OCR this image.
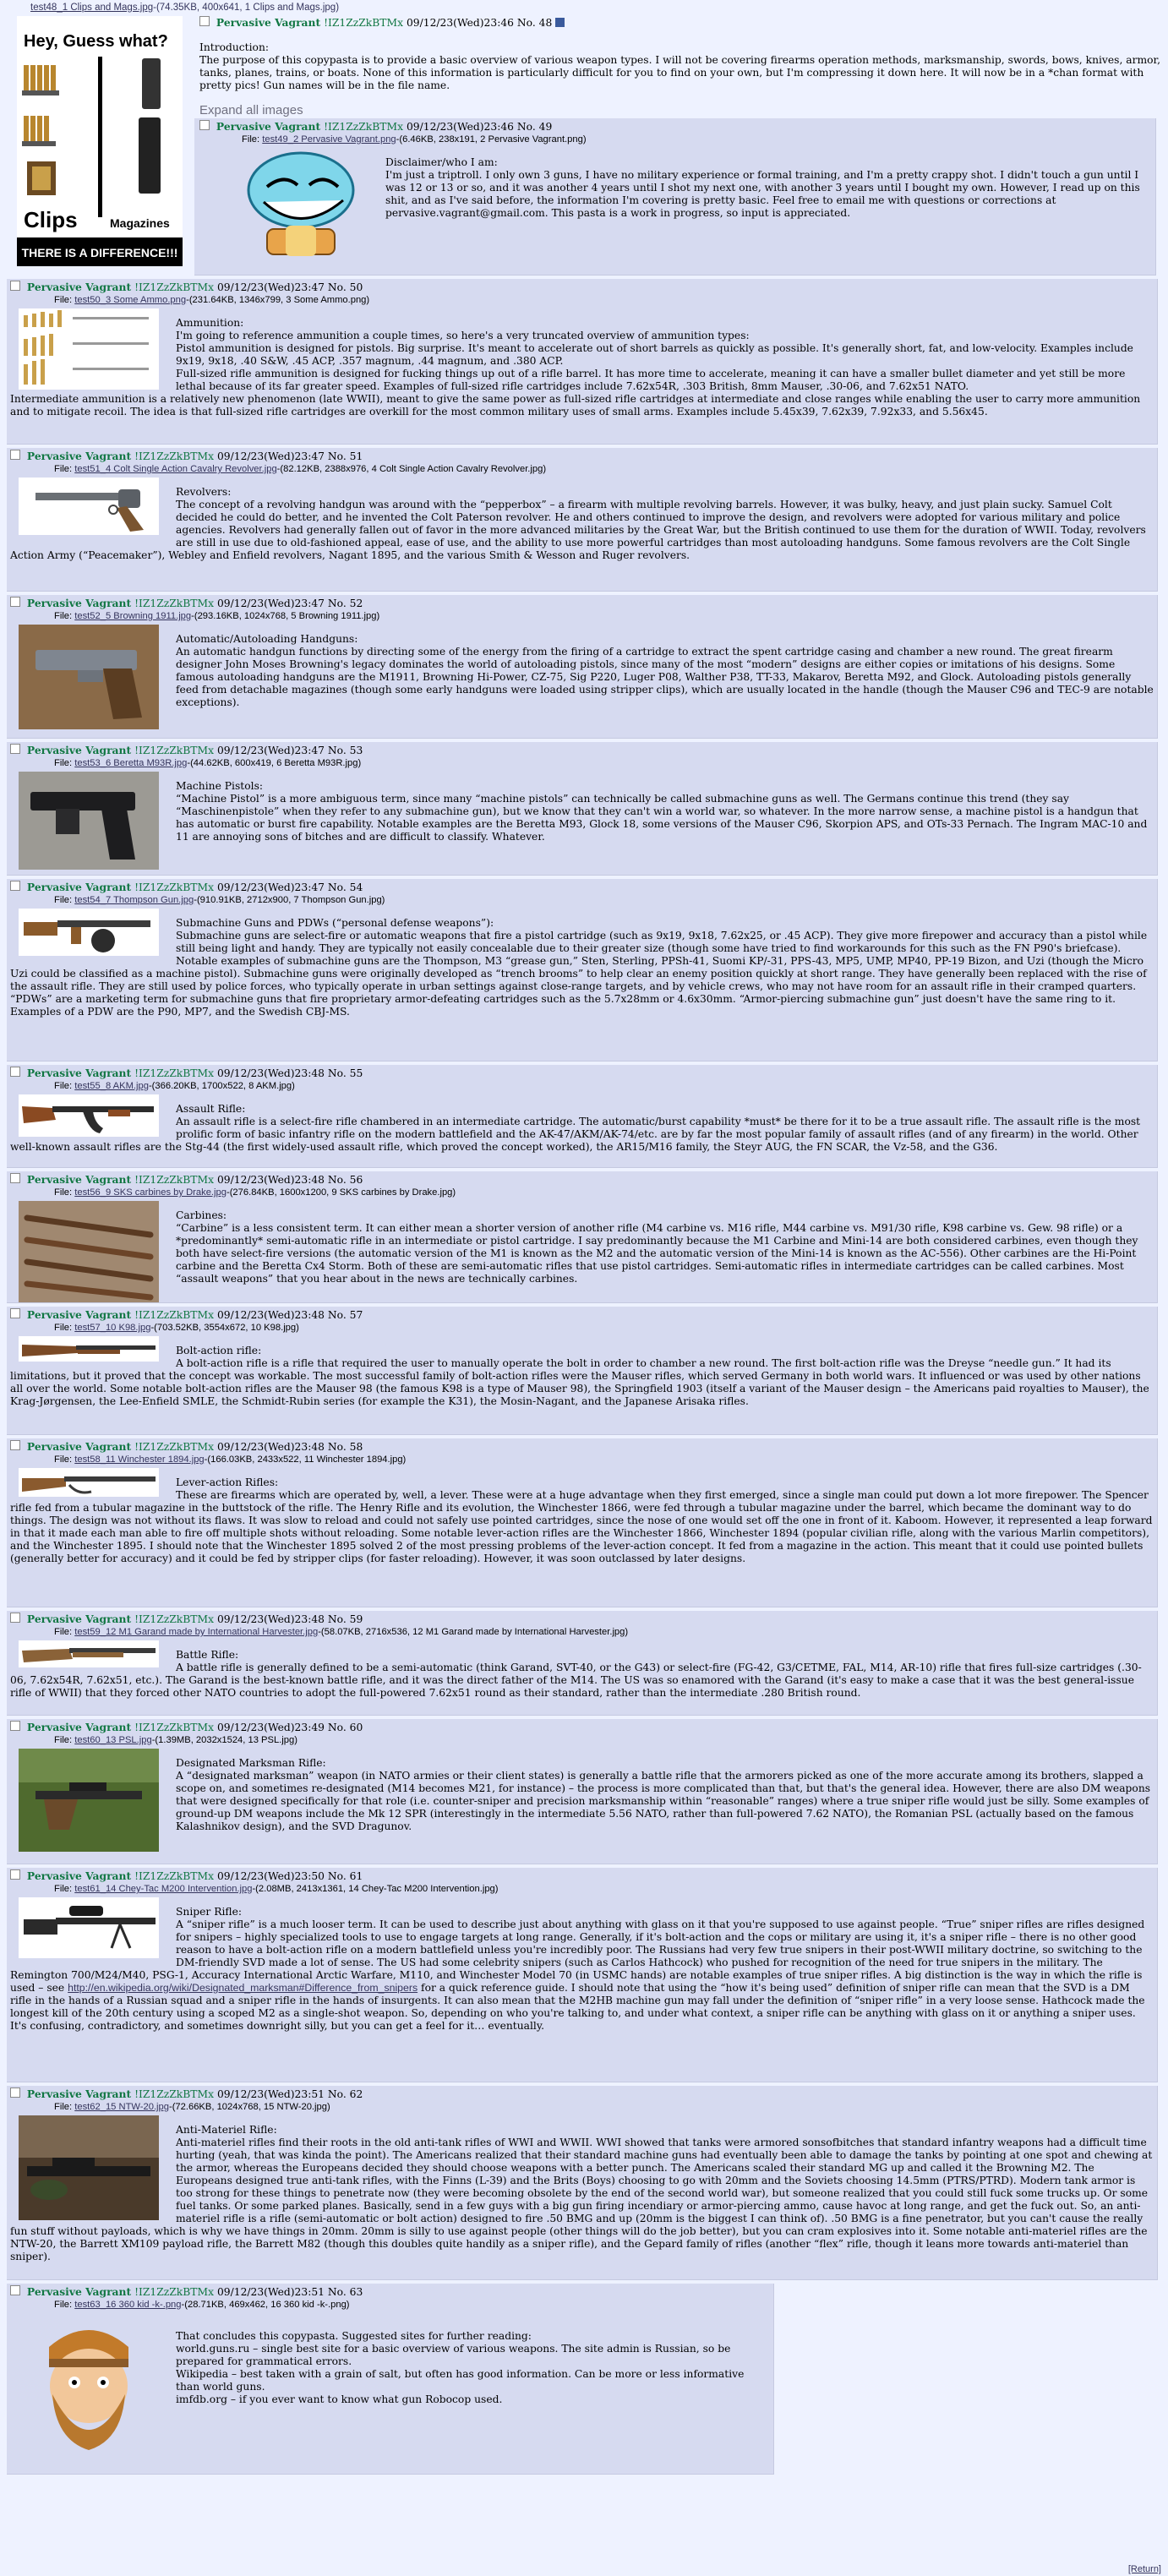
test48_1 Clips and Mags.jpg-(74.35KB, 400x641, 1 Clips and Mags.jpg)
Hey, Guess what?
Clips	Magazines
THERE IS A DIFFERENCE!!!
Pervasive Vagrant !IZ1ZzZkBTMx 09/12/23(Wed)23:46 No. 48

Introduction:

The purpose of this copypasta is to provide a basic overview of various weapon types. I will not be covering firearms operation methods, marksmanship, swords, bows, knives, armor, tanks, planes, trains, or boats. None of this information is particularly difficult for you to find on your own, but I'm compressing it down here. It will now be in a *chan format with pretty pics! Gun names will be in the file name.

Expand all images
Pervasive Vagrant !IZ1ZzZkBTMx 09/12/23(Wed)23:46 No. 49
File: test49_2 Pervasive Vagrant.png-(6.46KB, 238x191, 2 Pervasive Vagrant.png)

Disclaimer/who I am:

I'm just a triptroll. I only own 3 guns, I have no military experience or formal training, and I'm a pretty crappy shot. I didn't touch a gun until I was 12 or 13 or so, and it was another 4 years until I shot my next one, with another 3 years until I bought my own. However, I read up on this shit, and as I've said before, the information I'm covering is pretty basic. Feel free to email me with questions or corrections at pervasive.vagrant@gmail.com. This pasta is a work in progress, so input is appreciated.

Pervasive Vagrant !IZ1ZzZkBTMx 09/12/23(Wed)23:47 No. 50
File: test50_3 Some Ammo.png-(231.64KB, 1346x799, 3 Some Ammo.png)

Ammunition:

I'm going to reference ammunition a couple times, so here's a very truncated overview of ammunition types:

Pistol ammunition is designed for pistols. Big surprise. It's meant to accelerate out of short barrels as quickly as possible. It's generally short, fat, and low-velocity. Examples include 9x19, 9x18, .40 S&W, .45 ACP, .357 magnum, .44 magnum, and .380 ACP.

Full-sized rifle ammunition is designed for fucking things up out of a rifle barrel. It has more time to accelerate, meaning it can have a smaller bullet diameter and yet still be more lethal because of its far greater speed. Examples of full-sized rifle cartridges include 7.62x54R, .303 British, 8mm Mauser, .30-06, and 7.62x51 NATO.

Intermediate ammunition is a relatively new phenomenon (late WWII), meant to give the same power as full-sized rifle cartridges at intermediate and close ranges while enabling the user to carry more ammunition and to mitigate recoil. The idea is that full-sized rifle cartridges are overkill for the most common military uses of small arms. Examples include 5.45x39, 7.62x39, 7.92x33, and 5.56x45.

Pervasive Vagrant !IZ1ZzZkBTMx 09/12/23(Wed)23:47 No. 51
File: test51_4 Colt Single Action Cavalry Revolver.jpg-(82.12KB, 2388x976, 4 Colt Single Action Cavalry Revolver.jpg)

Revolvers:

The concept of a revolving handgun was around with the “pepperbox” – a firearm with multiple revolving barrels. However, it was bulky, heavy, and just plain sucky. Samuel Colt decided he could do better, and he invented the Colt Paterson revolver. He and others continued to improve the design, and revolvers were adopted for various military and police agencies. Revolvers had generally fallen out of favor in the more advanced militaries by the Great War, but the British continued to use them for the duration of WWII. Today, revolvers are still in use due to old-fashioned appeal, ease of use, and the ability to use more powerful cartridges than most autoloading handguns. Some famous revolvers are the Colt Single Action Army (“Peacemaker”), Webley and Enfield revolvers, Nagant 1895, and the various Smith & Wesson and Ruger revolvers.

Pervasive Vagrant !IZ1ZzZkBTMx 09/12/23(Wed)23:47 No. 52
File: test52_5 Browning 1911.jpg-(293.16KB, 1024x768, 5 Browning 1911.jpg)

Automatic/Autoloading Handguns:

An automatic handgun functions by directing some of the energy from the firing of a cartridge to extract the spent cartridge casing and chamber a new round. The great firearm designer John Moses Browning's legacy dominates the world of autoloading pistols, since many of the most “modern” designs are either copies or imitations of his designs. Some famous autoloading handguns are the M1911, Browning Hi-Power, CZ-75, Sig P220, Luger P08, Walther P38, TT-33, Makarov, Beretta M92, and Glock. Autoloading pistols generally feed from detachable magazines (though some early handguns were loaded using stripper clips), which are usually located in the handle (though the Mauser C96 and TEC-9 are notable exceptions).

Pervasive Vagrant !IZ1ZzZkBTMx 09/12/23(Wed)23:47 No. 53
File: test53_6 Beretta M93R.jpg-(44.62KB, 600x419, 6 Beretta M93R.jpg)

Machine Pistols:

“Machine Pistol” is a more ambiguous term, since many “machine pistols” can technically be called submachine guns as well. The Germans continue this trend (they say “Maschinenpistole” when they refer to any submachine gun), but we know that they can't win a world war, so whatever. In the more narrow sense, a machine pistol is a handgun that has automatic or burst fire capability. Notable examples are the Beretta M93, Glock 18, some versions of the Mauser C96, Skorpion APS, and OTs-33 Pernach. The Ingram MAC-10 and 11 are annoying sons of bitches and are difficult to classify. Whatever.

Pervasive Vagrant !IZ1ZzZkBTMx 09/12/23(Wed)23:47 No. 54
File: test54_7 Thompson Gun.jpg-(910.91KB, 2712x900, 7 Thompson Gun.jpg)

Submachine Guns and PDWs (“personal defense weapons”):

Submachine guns are select-fire or automatic weapons that fire a pistol cartridge (such as 9x19, 9x18, 7.62x25, or .45 ACP). They give more firepower and accuracy than a pistol while still being light and handy. They are typically not easily concealable due to their greater size (though some have tried to find workarounds for this such as the FN P90's briefcase). Notable examples of submachine guns are the Thompson, M3 “grease gun,” Sten, Sterling, PPSh-41, Suomi KP/-31, PPS-43, MP5, UMP, MP40, PP-19 Bizon, and Uzi (though the Micro Uzi could be classified as a machine pistol). Submachine guns were originally developed as “trench brooms” to help clear an enemy position quickly at short range. They have generally been replaced with the rise of the assault rifle. They are still used by police forces, who typically operate in urban settings against close-range targets, and by vehicle crews, who may not have room for an assault rifle in their cramped quarters.

“PDWs” are a marketing term for submachine guns that fire proprietary armor-defeating cartridges such as the 5.7x28mm or 4.6x30mm. “Armor-piercing submachine gun” just doesn't have the same ring to it. Examples of a PDW are the P90, MP7, and the Swedish CBJ-MS.

Pervasive Vagrant !IZ1ZzZkBTMx 09/12/23(Wed)23:48 No. 55
File: test55_8 AKM.jpg-(366.20KB, 1700x522, 8 AKM.jpg)

Assault Rifle:

An assault rifle is a select-fire rifle chambered in an intermediate cartridge. The automatic/burst capability *must* be there for it to be a true assault rifle. The assault rifle is the most prolific form of basic infantry rifle on the modern battlefield and the AK-47/AKM/AK-74/etc. are by far the most popular family of assault rifles (and of any firearm) in the world. Other well-known assault rifles are the Stg-44 (the first widely-used assault rifle, which proved the concept worked), the AR15/M16 family, the Steyr AUG, the FN SCAR, the Vz-58, and the G36.

Pervasive Vagrant !IZ1ZzZkBTMx 09/12/23(Wed)23:48 No. 56
File: test56_9 SKS carbines by Drake.jpg-(276.84KB, 1600x1200, 9 SKS carbines by Drake.jpg)

Carbines:

“Carbine” is a less consistent term. It can either mean a shorter version of another rifle (M4 carbine vs. M16 rifle, M44 carbine vs. M91/30 rifle, K98 carbine vs. Gew. 98 rifle) or a *predominantly* semi-automatic rifle in an intermediate or pistol cartridge. I say predominantly because the M1 Carbine and Mini-14 are both considered carbines, even though they both have select-fire versions (the automatic version of the M1 is known as the M2 and the automatic version of the Mini-14 is known as the AC-556). Other carbines are the Hi-Point carbine and the Beretta Cx4 Storm. Both of these are semi-automatic rifles that use pistol cartridges. Semi-automatic rifles in intermediate cartridges can be called carbines. Most “assault weapons” that you hear about in the news are technically carbines.

Pervasive Vagrant !IZ1ZzZkBTMx 09/12/23(Wed)23:48 No. 57
File: test57_10 K98.jpg-(703.52KB, 3554x672, 10 K98.jpg)

Bolt-action rifle:

A bolt-action rifle is a rifle that required the user to manually operate the bolt in order to chamber a new round. The first bolt-action rifle was the Dreyse “needle gun.” It had its limitations, but it proved that the concept was workable. The most successful family of bolt-action rifles were the Mauser rifles, which served Germany in both world wars. It influenced or was used by other nations all over the world. Some notable bolt-action rifles are the Mauser 98 (the famous K98 is a type of Mauser 98), the Springfield 1903 (itself a variant of the Mauser design – the Americans paid royalties to Mauser), the Krag-Jørgensen, the Lee-Enfield SMLE, the Schmidt-Rubin series (for example the K31), the Mosin-Nagant, and the Japanese Arisaka rifles.

Pervasive Vagrant !IZ1ZzZkBTMx 09/12/23(Wed)23:48 No. 58
File: test58_11 Winchester 1894.jpg-(166.03KB, 2433x522, 11 Winchester 1894.jpg)

Lever-action Rifles:

These are firearms which are operated by, well, a lever. These were at a huge advantage when they first emerged, since a single man could put down a lot more firepower. The Spencer rifle fed from a tubular magazine in the buttstock of the rifle. The Henry Rifle and its evolution, the Winchester 1866, were fed through a tubular magazine under the barrel, which became the dominant way to do things. The design was not without its flaws. It was slow to reload and could not safely use pointed cartridges, since the nose of one would set off the one in front of it. Kaboom. However, it represented a leap forward in that it made each man able to fire off multiple shots without reloading. Some notable lever-action rifles are the Winchester 1866, Winchester 1894 (popular civilian rifle, along with the various Marlin competitors), and the Winchester 1895. I should note that the Winchester 1895 solved 2 of the most pressing problems of the lever-action concept. It fed from a magazine in the action. This meant that it could use pointed bullets (generally better for accuracy) and it could be fed by stripper clips (for faster reloading). However, it was soon outclassed by later designs.

Pervasive Vagrant !IZ1ZzZkBTMx 09/12/23(Wed)23:48 No. 59
File: test59_12 M1 Garand made by International Harvester.jpg-(58.07KB, 2716x536, 12 M1 Garand made by International Harvester.jpg)

Battle Rifle:

A battle rifle is generally defined to be a semi-automatic (think Garand, SVT-40, or the G43) or select-fire (FG-42, G3/CETME, FAL, M14, AR-10) rifle that fires full-size cartridges (.30-06, 7.62x54R, 7.62x51, etc.). The Garand is the best-known battle rifle, and it was the direct father of the M14. The US was so enamored with the Garand (it's easy to make a case that it was the best general-issue rifle of WWII) that they forced other NATO countries to adopt the full-powered 7.62x51 round as their standard, rather than the intermediate .280 British round.

Pervasive Vagrant !IZ1ZzZkBTMx 09/12/23(Wed)23:49 No. 60
File: test60_13 PSL.jpg-(1.39MB, 2032x1524, 13 PSL.jpg)

Designated Marksman Rifle:

A “designated marksman” weapon (in NATO armies or their client states) is generally a battle rifle that the armorers picked as one of the more accurate among its brothers, slapped a scope on, and sometimes re-designated (M14 becomes M21, for instance) – the process is more complicated than that, but that's the general idea. However, there are also DM weapons that were designed specifically for that role (i.e. counter-sniper and precision marksmanship within “reasonable” ranges) where a true sniper rifle would just be silly. Some examples of ground-up DM weapons include the Mk 12 SPR (interestingly in the intermediate 5.56 NATO, rather than full-powered 7.62 NATO), the Romanian PSL (actually based on the famous Kalashnikov design), and the SVD Dragunov.

Pervasive Vagrant !IZ1ZzZkBTMx 09/12/23(Wed)23:50 No. 61
File: test61_14 Chey-Tac M200 Intervention.jpg-(2.08MB, 2413x1361, 14 Chey-Tac M200 Intervention.jpg)

Sniper Rifle:

A “sniper rifle” is a much looser term. It can be used to describe just about anything with glass on it that you're supposed to use against people. “True” sniper rifles are rifles designed for snipers – highly specialized tools to use to engage targets at long range. Generally, if it's bolt-action and the cops or military are using it, it's a sniper rifle – there is no other good reason to have a bolt-action rifle on a modern battlefield unless you're incredibly poor. The Russians had very few true snipers in their post-WWII military doctrine, so switching to the DM-friendly SVD made a lot of sense. The US had some celebrity snipers (such as Carlos Hathcock) who pushed for recognition of the need for true snipers in the military. The Remington 700/M24/M40, PSG-1, Accuracy International Arctic Warfare, M110, and Winchester Model 70 (in USMC hands) are notable examples of true sniper rifles. A big distinction is the way in which the rifle is used – see http://en.wikipedia.org/wiki/Designated_marksman#Difference_from_snipers for a quick reference guide. I should note that using the “how it's being used” definition of sniper rifle can mean that the SVD is a DM rifle in the hands of a Russian squad and a sniper rifle in the hands of insurgents. It can also mean that the M2HB machine gun may fall under the definition of “sniper rifle” in a very loose sense. Hathcock made the longest kill of the 20th century using a scoped M2 as a single-shot weapon. So, depending on who you're talking to, and under what context, a sniper rifle can be anything with glass on it or anything a sniper uses. It's confusing, contradictory, and sometimes downright silly, but you can get a feel for it… eventually.

Pervasive Vagrant !IZ1ZzZkBTMx 09/12/23(Wed)23:51 No. 62
File: test62_15 NTW-20.jpg-(72.66KB, 1024x768, 15 NTW-20.jpg)

Anti-Materiel Rifle:

Anti-materiel rifles find their roots in the old anti-tank rifles of WWI and WWII. WWI showed that tanks were armored sonsofbitches that standard infantry weapons had a difficult time hurting (yeah, that was kinda the point). The Americans realized that their standard machine guns had eventually been able to damage the tanks by pointing at one spot and chewing at the armor, whereas the Europeans decided they should choose weapons with a better punch. The Americans scaled their standard MG up and called it the Browning M2. The Europeans designed true anti-tank rifles, with the Finns (L-39) and the Brits (Boys) choosing to go with 20mm and the Soviets choosing 14.5mm (PTRS/PTRD). Modern tank armor is too strong for these things to penetrate now (they were becoming obsolete by the end of the second world war), but someone realized that you could still fuck some trucks up. Or some fuel tanks. Or some parked planes. Basically, send in a few guys with a big gun firing incendiary or armor-piercing ammo, cause havoc at long range, and get the fuck out. So, an anti-materiel rifle is a rifle (semi-automatic or bolt action) designed to fire .50 BMG and up (20mm is the biggest I can think of). .50 BMG is a fine penetrator, but you can't cause the really fun stuff without payloads, which is why we have things in 20mm. 20mm is silly to use against people (other things will do the job better), but you can cram explosives into it. Some notable anti-materiel rifles are the NTW-20, the Barrett XM109 payload rifle, the Barrett M82 (though this doubles quite handily as a sniper rifle), and the Gepard family of rifles (another “flex” rifle, though it leans more towards anti-materiel than sniper).

Pervasive Vagrant !IZ1ZzZkBTMx 09/12/23(Wed)23:51 No. 63
File: test63_16 360 kid -k-.png-(28.71KB, 469x462, 16 360 kid -k-.png)

That concludes this copypasta. Suggested sites for further reading:

world.guns.ru – single best site for a basic overview of various weapons. The site admin is Russian, so be prepared for grammatical errors.

Wikipedia – best taken with a grain of salt, but often has good information. Can be more or less informative than world guns.

imfdb.org – if you ever want to know what gun Robocop used.

[Return]
